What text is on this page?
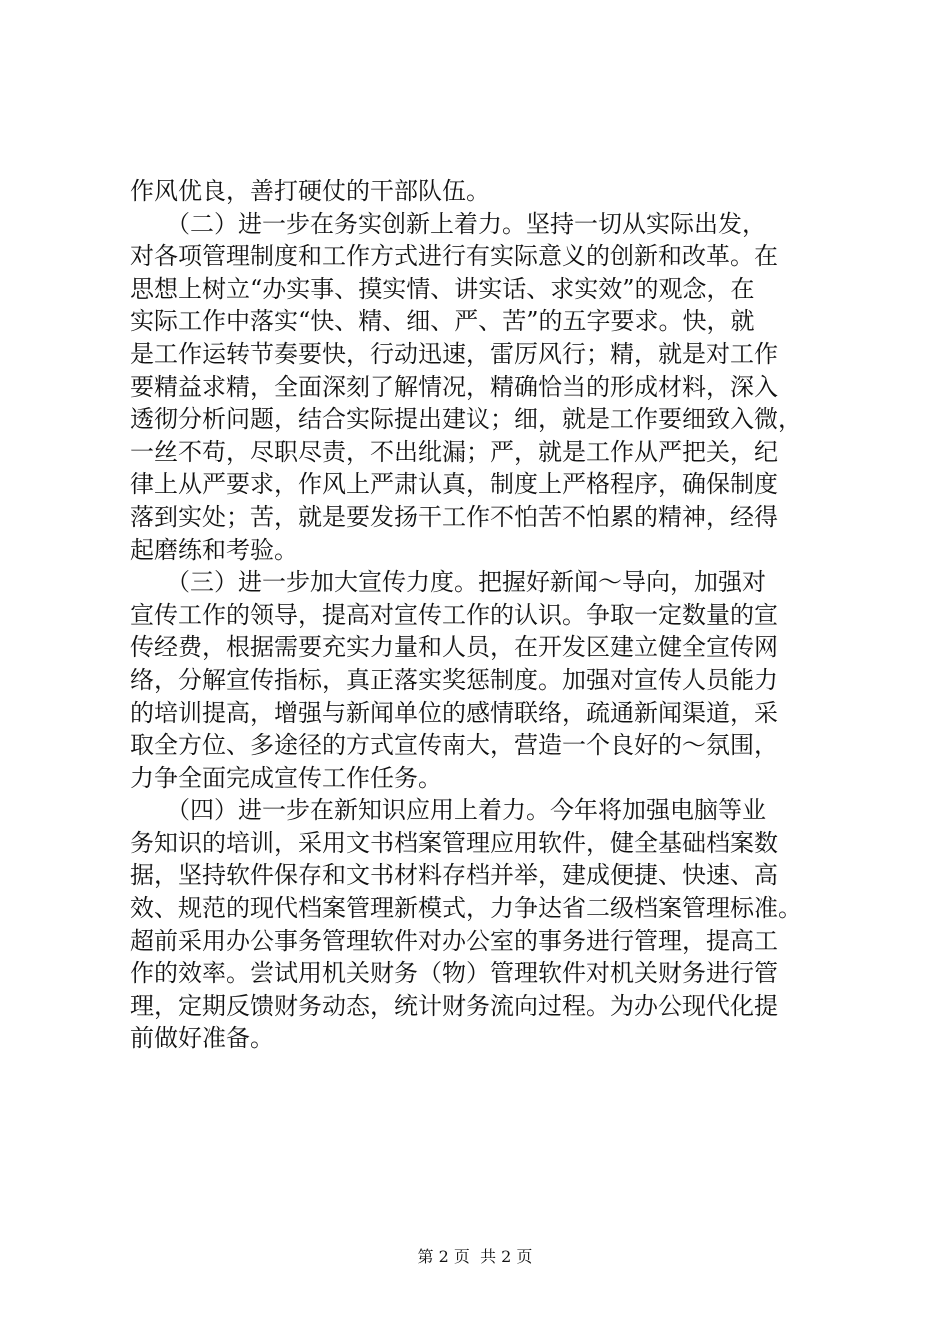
作风优良，善打硬仗的干部队伍。
　　（二）进一步在务实创新上着力。坚持一切从实际出发，
对各项管理制度和工作方式进行有实际意义的创新和改革。在
思想上树立“办实事、摸实情、讲实话、求实效”的观念，在
实际工作中落实“快、精、细、严、苦”的五字要求。快，就
是工作运转节奏要快，行动迅速，雷厉风行；精，就是对工作
要精益求精，全面深刻了解情况，精确恰当的形成材料，深入
透彻分析问题，结合实际提出建议；细，就是工作要细致入微，
一丝不苟，尽职尽责，不出纰漏；严，就是工作从严把关，纪
律上从严要求，作风上严肃认真，制度上严格程序，确保制度
落到实处；苦，就是要发扬干工作不怕苦不怕累的精神，经得
起磨练和考验。
　　（三）进一步加大宣传力度。把握好新闻～导向，加强对
宣传工作的领导，提高对宣传工作的认识。争取一定数量的宣
传经费，根据需要充实力量和人员，在开发区建立健全宣传网
络，分解宣传指标，真正落实奖惩制度。加强对宣传人员能力
的培训提高，增强与新闻单位的感情联络，疏通新闻渠道，采
取全方位、多途径的方式宣传南大，营造一个良好的～氛围，
力争全面完成宣传工作任务。
　　（四）进一步在新知识应用上着力。今年将加强电脑等业
务知识的培训，采用文书档案管理应用软件，健全基础档案数
据，坚持软件保存和文书材料存档并举，建成便捷、快速、高
效、规范的现代档案管理新模式，力争达省二级档案管理标准。
超前采用办公事务管理软件对办公室的事务进行管理，提高工
作的效率。尝试用机关财务（物）管理软件对机关财务进行管
理，定期反馈财务动态，统计财务流向过程。为办公现代化提
前做好准备。
第 2 页  共 2 页
